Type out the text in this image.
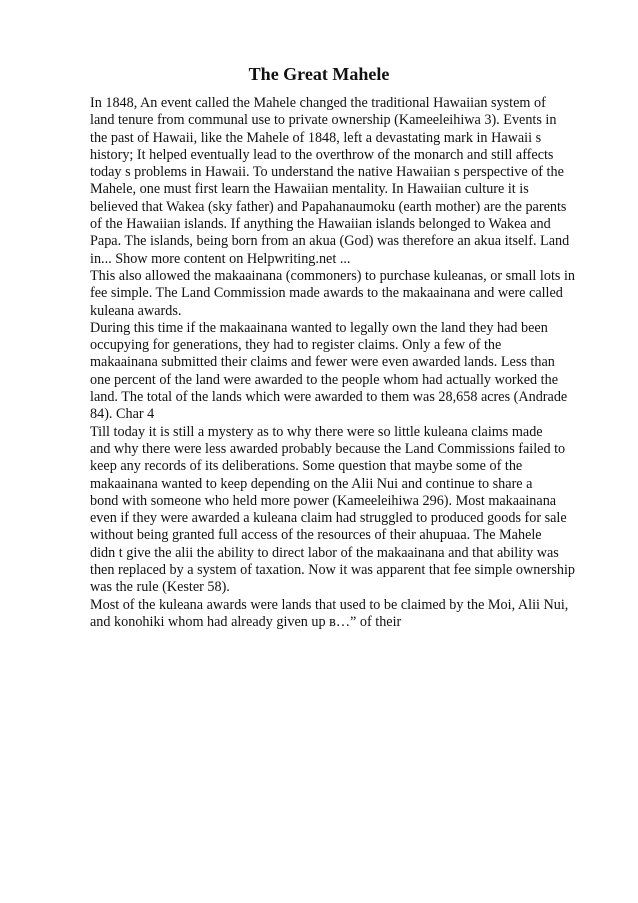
The Great Mahele
In 1848, An event called the Mahele changed the traditional Hawaiian system of
land tenure from communal use to private ownership (Kameeleihiwa 3). Events in
the past of Hawaii, like the Mahele of 1848, left a devastating mark in Hawaii s
history; It helped eventually lead to the overthrow of the monarch and still affects
today s problems in Hawaii. To understand the native Hawaiian s perspective of the
Mahele, one must first learn the Hawaiian mentality. In Hawaiian culture it is
believed that Wakea (sky father) and Papahanaumoku (earth mother) are the parents
of the Hawaiian islands. If anything the Hawaiian islands belonged to Wakea and
Papa. The islands, being born from an akua (God) was therefore an akua itself. Land
in... Show more content on Helpwriting.net ...
This also allowed the makaainana (commoners) to purchase kuleanas, or small lots in
fee simple. The Land Commission made awards to the makaainana and were called
kuleana awards.
During this time if the makaainana wanted to legally own the land they had been
occupying for generations, they had to register claims. Only a few of the
makaainana submitted their claims and fewer were even awarded lands. Less than
one percent of the land were awarded to the people whom had actually worked the
land. The total of the lands which were awarded to them was 28,658 acres (Andrade
84). Char 4
Till today it is still a mystery as to why there were so little kuleana claims made
and why there were less awarded probably because the Land Commissions failed to
keep any records of its deliberations. Some question that maybe some of the
makaainana wanted to keep depending on the Alii Nui and continue to share a
bond with someone who held more power (Kameeleihiwa 296). Most makaainana
even if they were awarded a kuleana claim had struggled to produced goods for sale
without being granted full access of the resources of their ahupuaa. The Mahele
didn t give the alii the ability to direct labor of the makaainana and that ability was
then replaced by a system of taxation. Now it was apparent that fee simple ownership
was the rule (Kester 58).
Most of the kuleana awards were lands that used to be claimed by the Moi, Alii Nui,
and konohiki whom had already given up в…” of their
